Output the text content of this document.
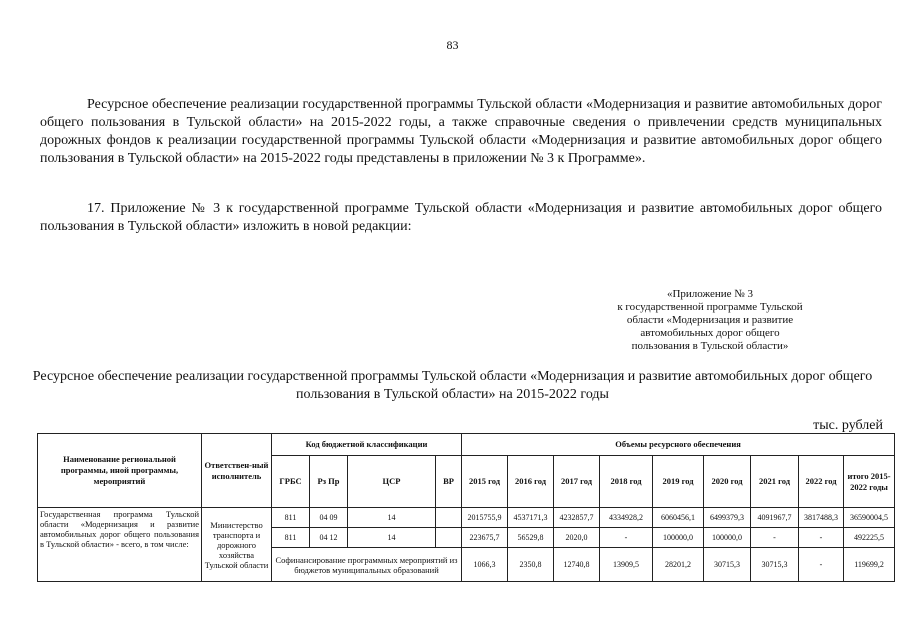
83
Ресурсное обеспечение реализации государственной программы Тульской области «Модернизация и развитие автомобильных дорог общего пользования в Тульской области» на 2015-2022 годы, а также справочные сведения о привлечении средств муниципальных дорожных фондов к реализации государственной программы Тульской области «Модернизация и развитие автомобильных дорог общего пользования в Тульской области» на 2015-2022 годы представлены в приложении № 3 к Программе».
17. Приложение № 3 к государственной программе Тульской области «Модернизация и развитие автомобильных дорог общего пользования в Тульской области» изложить в новой редакции:
«Приложение № 3
к государственной программе Тульской
области «Модернизация и развитие
автомобильных дорог общего
пользования в Тульской области»
Ресурсное обеспечение реализации государственной программы Тульской области «Модернизация и развитие автомобильных дорог общего пользования в Тульской области» на 2015-2022 годы
тыс. рублей
Наименование региональной программы, иной программы, мероприятий	Ответствен-ный исполнитель	Код бюджетной классификации				Объемы ресурсного обеспечения								
		ГРБС	Рз Пр	ЦСР	ВР	2015 год	2016 год	2017 год	2018 год	2019 год	2020 год	2021 год	2022 год	итого 2015-2022 годы
Государственная программа Тульской области «Модернизация и развитие автомобильных дорог общего пользования в Тульской области» - всего, в том числе:	Министерство транспорта и дорожного хозяйства Тульской области	811	04 09	14		2015755,9	4537171,3	4232857,7	4334928,2	6060456,1	6499379,3	4091967,7	3817488,3	36590004,5
		811	04 12	14		223675,7	56529,8	2020,0	-	100000,0	100000,0	-	-	492225,5
		Софинансирование программных мероприятий из бюджетов муниципальных образований				1066,3	2350,8	12740,8	13909,5	28201,2	30715,3	30715,3	-	119699,2
